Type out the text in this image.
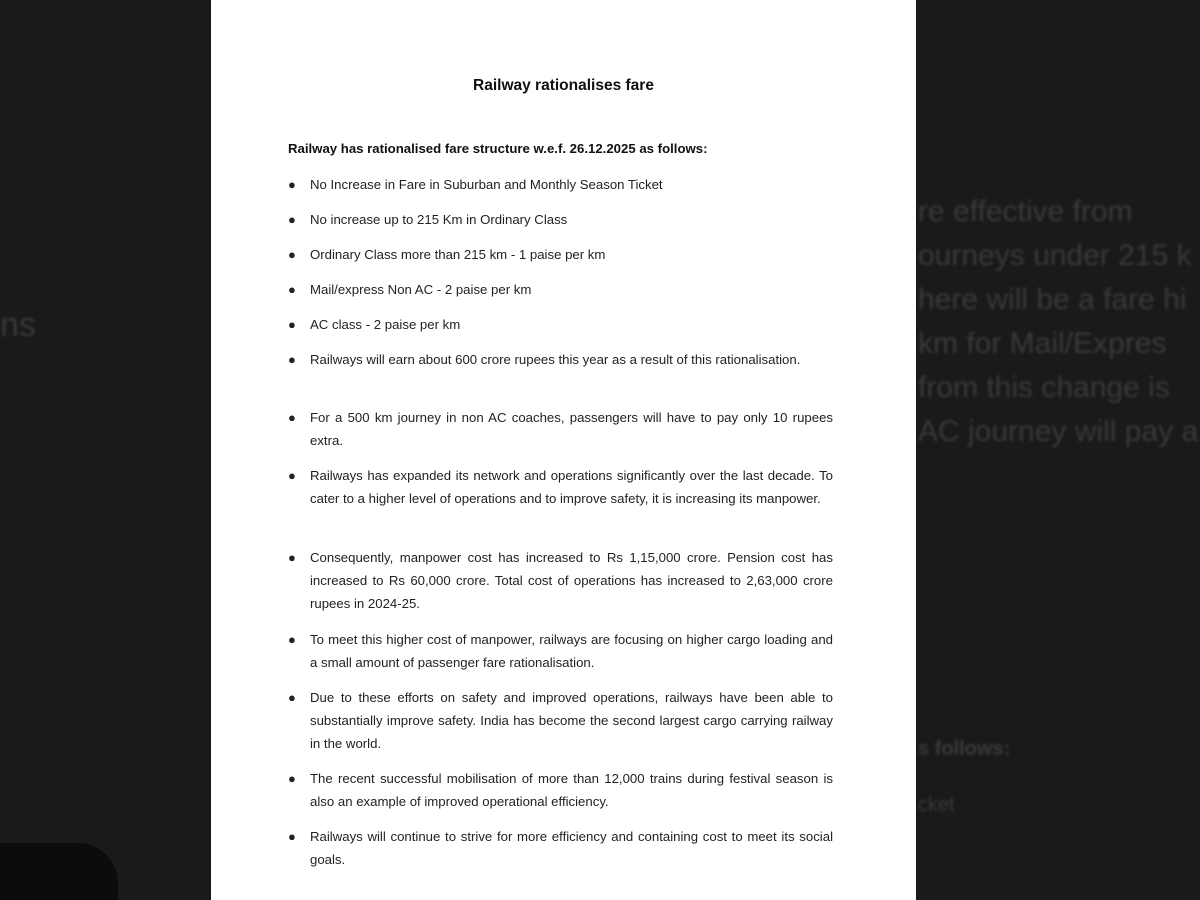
re effective from
ourneys under 215 k
here will be a fare hi
km for Mail/Expres
from this change is
AC journey will pay a
ns
s follows:
cket
Railway rationalises fare
Railway has rationalised fare structure w.e.f. 26.12.2025 as follows:
● No Increase in Fare in Suburban and Monthly Season Ticket
● No increase up to 215 Km in Ordinary Class
● Ordinary Class more than 215 km - 1 paise per km
● Mail/express Non AC - 2 paise per km
● AC class - 2 paise per km
● Railways will earn about 600 crore rupees this year as a result of this rationalisation.
● For a 500 km journey in non AC coaches, passengers will have to pay only 10 rupees extra.
● Railways has expanded its network and operations significantly over the last decade. To cater to a higher level of operations and to improve safety, it is increasing its manpower.
● Consequently, manpower cost has increased to Rs 1,15,000 crore. Pension cost has increased to Rs 60,000 crore. Total cost of operations has increased to 2,63,000 crore rupees in 2024-25.
● To meet this higher cost of manpower, railways are focusing on higher cargo loading and a small amount of passenger fare rationalisation.
● Due to these efforts on safety and improved operations, railways have been able to substantially improve safety. India has become the second largest cargo carrying railway in the world.
● The recent successful mobilisation of more than 12,000 trains during festival season is also an example of improved operational efficiency.
● Railways will continue to strive for more efficiency and containing cost to meet its social goals.
